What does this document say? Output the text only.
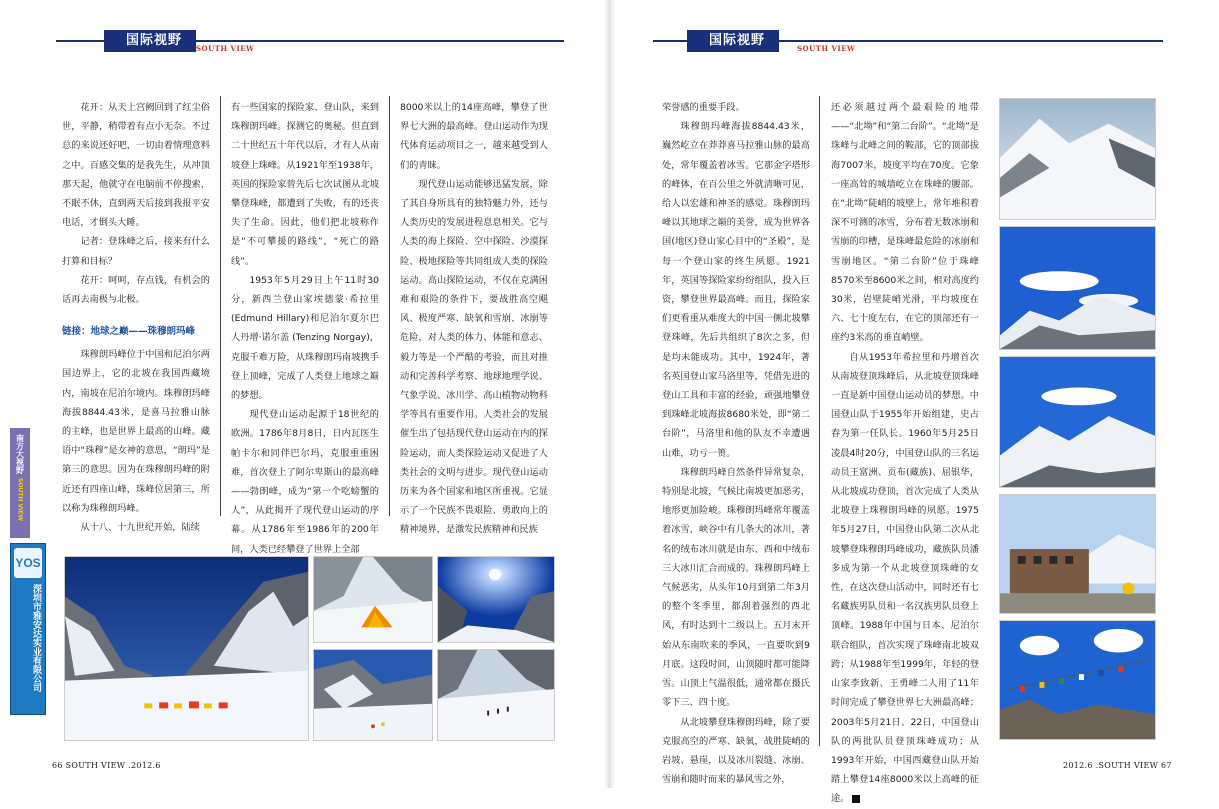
国际视野
SOUTH VIEW

花开：从天上宫阙回到了红尘俗世，平静，稍带着有点小无奈。不过总的来说还好吧，一切由着情理意料之中。百感交集的是我先生，从冲顶那天起，他就守在电脑前不停搜索，不眠不休，直到两天后接到我报平安电话，才倒头大睡。

记者：登珠峰之后，接来有什么打算和目标？

花开：呵呵，存点钱，有机会的话再去南极与北极。

链接：地球之巅——珠穆朗玛峰

珠穆朗玛峰位于中国和尼泊尔两国边界上，它的北坡在我国西藏境内，南坡在尼泊尔境内。珠穆朗玛峰海拔8844.43米，是喜马拉雅山脉的主峰，也是世界上最高的山峰。藏语中“珠穆”是女神的意思，“朗玛”是第三的意思。因为在珠穆朗玛峰的附近还有四座山峰，珠峰位居第三，所以称为珠穆朗玛峰。

从十八、十九世纪开始，陆续

有一些国家的探险家、登山队，来到珠穆朗玛峰。探测它的奥秘。但直到二十世纪五十年代以后，才有人从南坡登上珠峰。从1921年至1938年，英国的探险家曾先后七次试图从北坡攀登珠峰，都遭到了失败，有的还丧失了生命。因此，他们把北坡称作是“不可攀援的路线”，“死亡的路线”。

1953年5月29日上午11时30分，新西兰登山家埃德蒙·希拉里(Edmund Hillary)和尼泊尔夏尔巴人丹增·诺尔盖 (Tenzing Norgay)，克服千难万险，从珠穆朗玛南坡携手登上顶峰，完成了人类登上地球之巅的梦想。

现代登山运动起源于18世纪的欧洲。1786年8月8日，日内瓦医生帕卡尔和同伴巴尔玛，克服重重困难，首次登上了阿尔卑斯山的最高峰——勃朗峰，成为“第一个吃螃蟹的人”，从此揭开了现代登山运动的序幕。从1786年至1986年的200年间，人类已经攀登了世界上全部

8000米以上的14座高峰，攀登了世界七大洲的最高峰。登山运动作为现代体育运动项目之一，越来越受到人们的青睐。

现代登山运动能够迅猛发展，除了其自身所具有的独特魅力外，还与人类历史的发展进程息息相关。它与人类的海上探险、空中探险、沙漠探险、极地探险等共同组成人类的探险运动。高山探险运动，不仅在克满困难和艰险的条件下，要战胜高空飓风、极度严寒、缺氧和雪崩、冰崩等危险，对人类的体力、体能和意志、毅力等是一个严酷的考验，而且对推动和完善科学考察、地球地理学说、气象学说、冰川学、高山植物动物科学等具有重要作用。人类社会的发展催生出了包括现代登山运动在内的探险运动，而人类探险运动又促进了人类社会的文明与进步。现代登山运动历来为各个国家和地区所重视。它显示了一个民族不畏艰险、勇敢向上的精神境界，是激发民族精神和民族

南方大视野
SOUTH VIEW
YOS
深圳市雅安达实业有限公司
66 SOUTH VIEW .2012.6
国际视野
SOUTH VIEW

荣誉感的重要手段。

珠穆朗玛峰海拔8844.43米，巍然屹立在莽莽喜马拉雅山脉的最高处，常年覆盖着冰雪。它那金字塔形的峰体，在百公里之外就清晰可见，给人以宏雄和神圣的感觉。珠穆朗玛峰以其地球之巅的美誉，成为世界各国(地区)登山家心目中的“圣殿”，是每一个登山家的终生夙愿。1921年，英国等探险家纷纷组队，投入巨资，攀登世界最高峰。而且，探险家们更看重从难度大的中国一侧北坡攀登珠峰，先后共组织了8次之多，但是均未能成功。其中，1924年，著名英国登山家马洛里等，凭借先进的登山工具和丰富的经验，顽强地攀登到珠峰北坡海拔8680米处，即“第二台阶”，马洛里和他的队友不幸遭遇山难，功亏一篑。

珠穆朗玛峰自然条件异常复杂，特别是北坡，气候比南坡更加恶劣，地形更加险峻。珠穆朗玛峰常年覆盖着冰雪，峡谷中有几条大的冰川，著名的绒布冰川就是由东、西和中绒布三大冰川汇合而成的。珠穆朗玛峰上气候恶劣，从头年10月到第二年3月的整个冬季里，都刮着强烈的西北风，有时达到十二级以上。五月末开始从东南吹来的季风，一直要吹到9月底。这段时间，山顶随时都可能降雪。山顶上气温很低，通常都在摄氏零下三、四十度。

从北坡攀登珠穆朗玛峰，除了要克服高空的严寒、缺氧，战胜陡峭的岩坡、悬崖，以及冰川裂缝、冰崩、雪崩和随时而来的暴风雪之外，

还必须越过两个最艰险的地带——“北坳”和“第二台阶”。“北坳”是珠峰与北峰之间的鞍部，它的顶部拔海7007米，坡度平均在70度。它象一座高耸的城墙屹立在珠峰的腰部。在“北坳”陡峭的坡壁上，常年堆积着深不可测的冰雪，分布着无数冰崩和雪崩的印槽，是珠峰最危险的冰崩和雪崩地区。“第二台阶”位于珠峰8570米至8600米之间，相对高度约30米，岩壁陡峭光滑，平均坡度在六、七十度左右，在它的顶部还有一座约3米高的垂直峭壁。

自从1953年希拉里和丹增首次从南坡登顶珠峰后，从北坡登顶珠峰一直是新中国登山运动员的梦想。中国登山队于1955年开始组建，史占春为第一任队长。1960年5月25日凌晨4时20分，中国登山队的三名运动员王富洲、贡布(藏族)、屈银华，从北坡成功登顶，首次完成了人类从北坡登上珠穆朗玛峰的夙愿。1975年5月27日，中国登山队第二次从北坡攀登珠穆朗玛峰成功，藏族队员潘多成为第一个从北坡登顶珠峰的女性，在这次登山活动中，同时还有七名藏族男队员和一名汉族男队员登上顶峰。1988年中国与日本、尼泊尔联合组队，首次实现了珠峰南北坡双跨；从1988年至1999年，年轻的登山家李致新、王勇峰二人用了11年时间完成了攀登世界七大洲最高峰；2003年5月21日、22日，中国登山队的两批队员登顶珠峰成功；从1993年开始，中国西藏登山队开始踏上攀登14座8000米以上高峰的征途。

2012.6 .SOUTH VIEW 67
